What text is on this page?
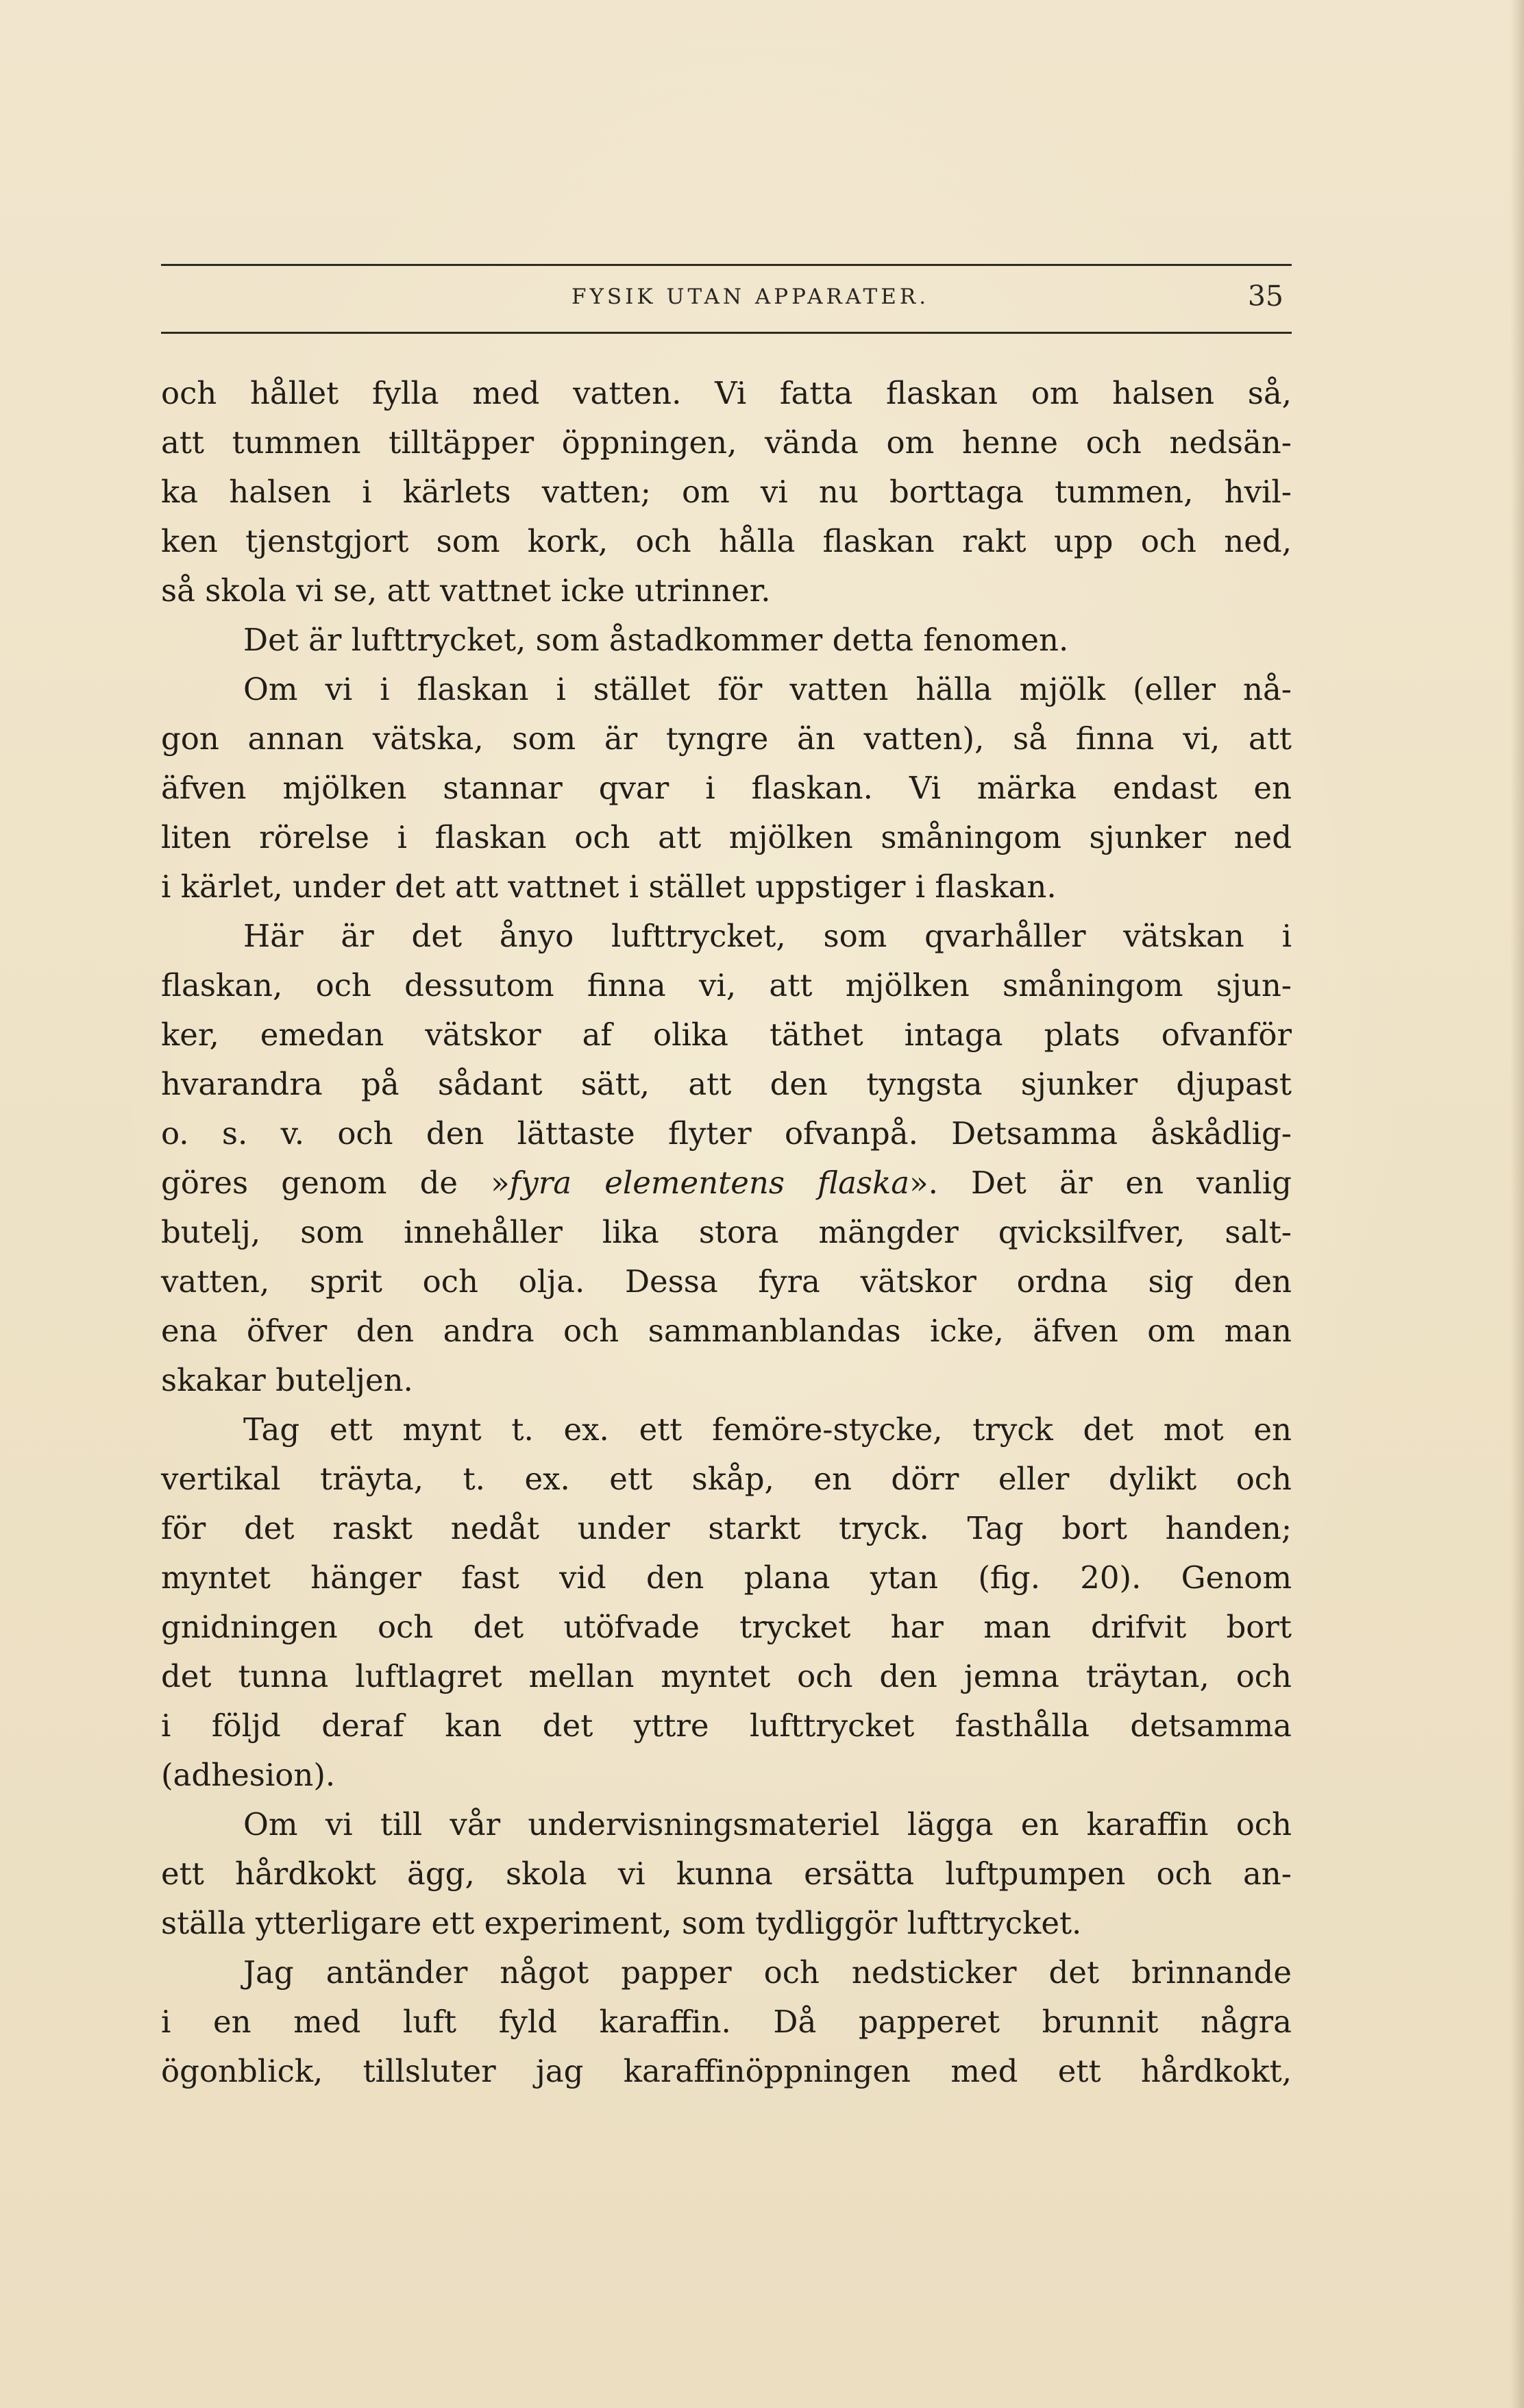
FYSIK UTAN APPARATER.	35
och hållet fylla med vatten. Vi fatta flaskan om halsen så,
att tummen tilltäpper öppningen, vända om henne och nedsän-
ka halsen i kärlets vatten; om vi nu borttaga tummen, hvil-
ken tjenstgjort som kork, och hålla flaskan rakt upp och ned,
så skola vi se, att vattnet icke utrinner.
Det är lufttrycket, som åstadkommer detta fenomen.
Om vi i flaskan i stället för vatten hälla mjölk (eller nå-
gon annan vätska, som är tyngre än vatten), så finna vi, att
äfven mjölken stannar qvar i flaskan. Vi märka endast en
liten rörelse i flaskan och att mjölken småningom sjunker ned
i kärlet, under det att vattnet i stället uppstiger i flaskan.
Här är det ånyo lufttrycket, som qvarhåller vätskan i
flaskan, och dessutom finna vi, att mjölken småningom sjun-
ker, emedan vätskor af olika täthet intaga plats ofvanför
hvarandra på sådant sätt, att den tyngsta sjunker djupast
o. s. v. och den lättaste flyter ofvanpå. Detsamma åskådlig-
göres genom de »fyra elementens flaska». Det är en vanlig
butelj, som innehåller lika stora mängder qvicksilfver, salt-
vatten, sprit och olja. Dessa fyra vätskor ordna sig den
ena öfver den andra och sammanblandas icke, äfven om man
skakar buteljen.
Tag ett mynt t. ex. ett femöre-stycke, tryck det mot en
vertikal träyta, t. ex. ett skåp, en dörr eller dylikt och
för det raskt nedåt under starkt tryck. Tag bort handen;
myntet hänger fast vid den plana ytan (fig. 20). Genom
gnidningen och det utöfvade trycket har man drifvit bort
det tunna luftlagret mellan myntet och den jemna träytan, och
i följd deraf kan det yttre lufttrycket fasthålla detsamma
(adhesion).
Om vi till vår undervisningsmateriel lägga en karaffin och
ett hårdkokt ägg, skola vi kunna ersätta luftpumpen och an-
ställa ytterligare ett experiment, som tydliggör lufttrycket.
Jag antänder något papper och nedsticker det brinnande
i en med luft fyld karaffin. Då papperet brunnit några
ögonblick, tillsluter jag karaffinöppningen med ett hårdkokt,
